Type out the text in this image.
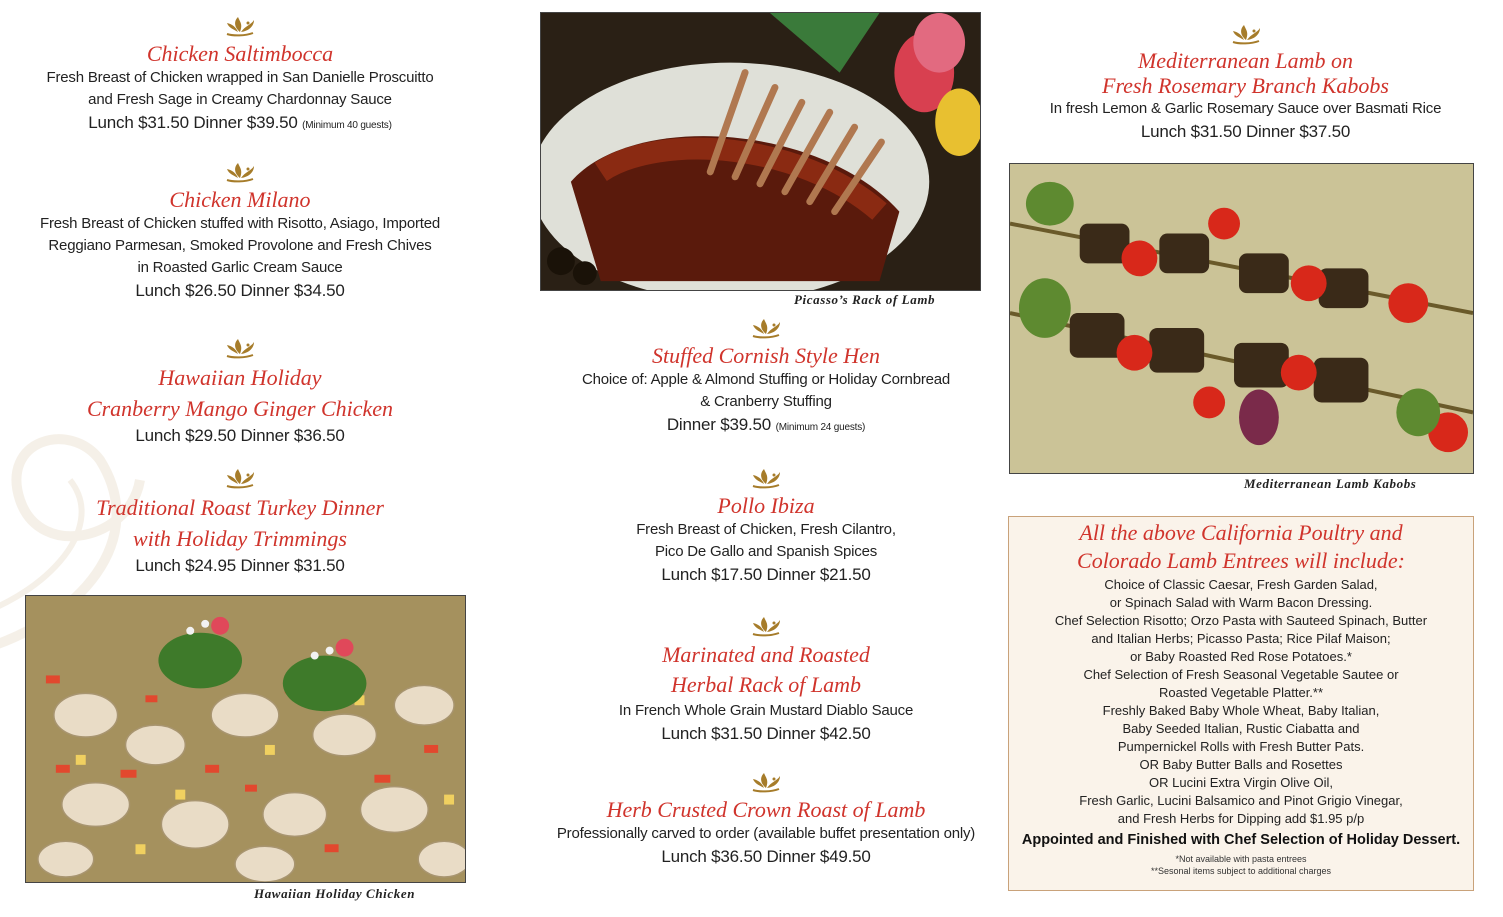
Chicken Saltimbocca
Fresh Breast of Chicken wrapped in San Danielle Proscuitto
and Fresh Sage in Creamy Chardonnay Sauce
Lunch $31.50 Dinner $39.50 (Minimum 40 guests)
Chicken Milano
Fresh Breast of Chicken stuffed with Risotto, Asiago, Imported
Reggiano Parmesan, Smoked Provolone and Fresh Chives
in Roasted Garlic Cream Sauce
Lunch $26.50 Dinner $34.50
Hawaiian Holiday
Cranberry Mango Ginger Chicken
Lunch $29.50 Dinner $36.50
Traditional Roast Turkey Dinner
with Holiday Trimmings
Lunch $24.95 Dinner $31.50
Hawaiian Holiday Chicken
Picasso’s Rack of Lamb
Stuffed Cornish Style Hen
Choice of: Apple & Almond Stuffing or Holiday Cornbread
& Cranberry Stuffing
Dinner $39.50 (Minimum 24 guests)
Pollo Ibiza
Fresh Breast of Chicken, Fresh Cilantro,
Pico De Gallo and Spanish Spices
Lunch $17.50 Dinner $21.50
Marinated and Roasted
Herbal Rack of Lamb
In French Whole Grain Mustard Diablo Sauce
Lunch $31.50 Dinner $42.50
Herb Crusted Crown Roast of Lamb
Professionally carved to order (available buffet presentation only)
Lunch $36.50 Dinner $49.50
Mediterranean Lamb on
Fresh Rosemary Branch Kabobs
In fresh Lemon & Garlic Rosemary Sauce over Basmati Rice
Lunch $31.50 Dinner $37.50
Mediterranean Lamb Kabobs
All the above California Poultry and
Colorado Lamb Entrees will include:
Choice of Classic Caesar, Fresh Garden Salad,
or Spinach Salad with Warm Bacon Dressing.
Chef Selection Risotto; Orzo Pasta with Sauteed Spinach, Butter
and Italian Herbs; Picasso Pasta; Rice Pilaf Maison;
or Baby Roasted Red Rose Potatoes.*
Chef Selection of Fresh Seasonal Vegetable Sautee or
Roasted Vegetable Platter.**
Freshly Baked Baby Whole Wheat, Baby Italian,
Baby Seeded Italian, Rustic Ciabatta and
Pumpernickel Rolls with Fresh Butter Pats.
OR Baby Butter Balls and Rosettes
OR Lucini Extra Virgin Olive Oil,
Fresh Garlic, Lucini Balsamico and Pinot Grigio Vinegar,
and Fresh Herbs for Dipping add $1.95 p/p
Appointed and Finished with Chef Selection of Holiday Dessert.
*Not available with pasta entrees
**Sesonal items subject to additional charges
